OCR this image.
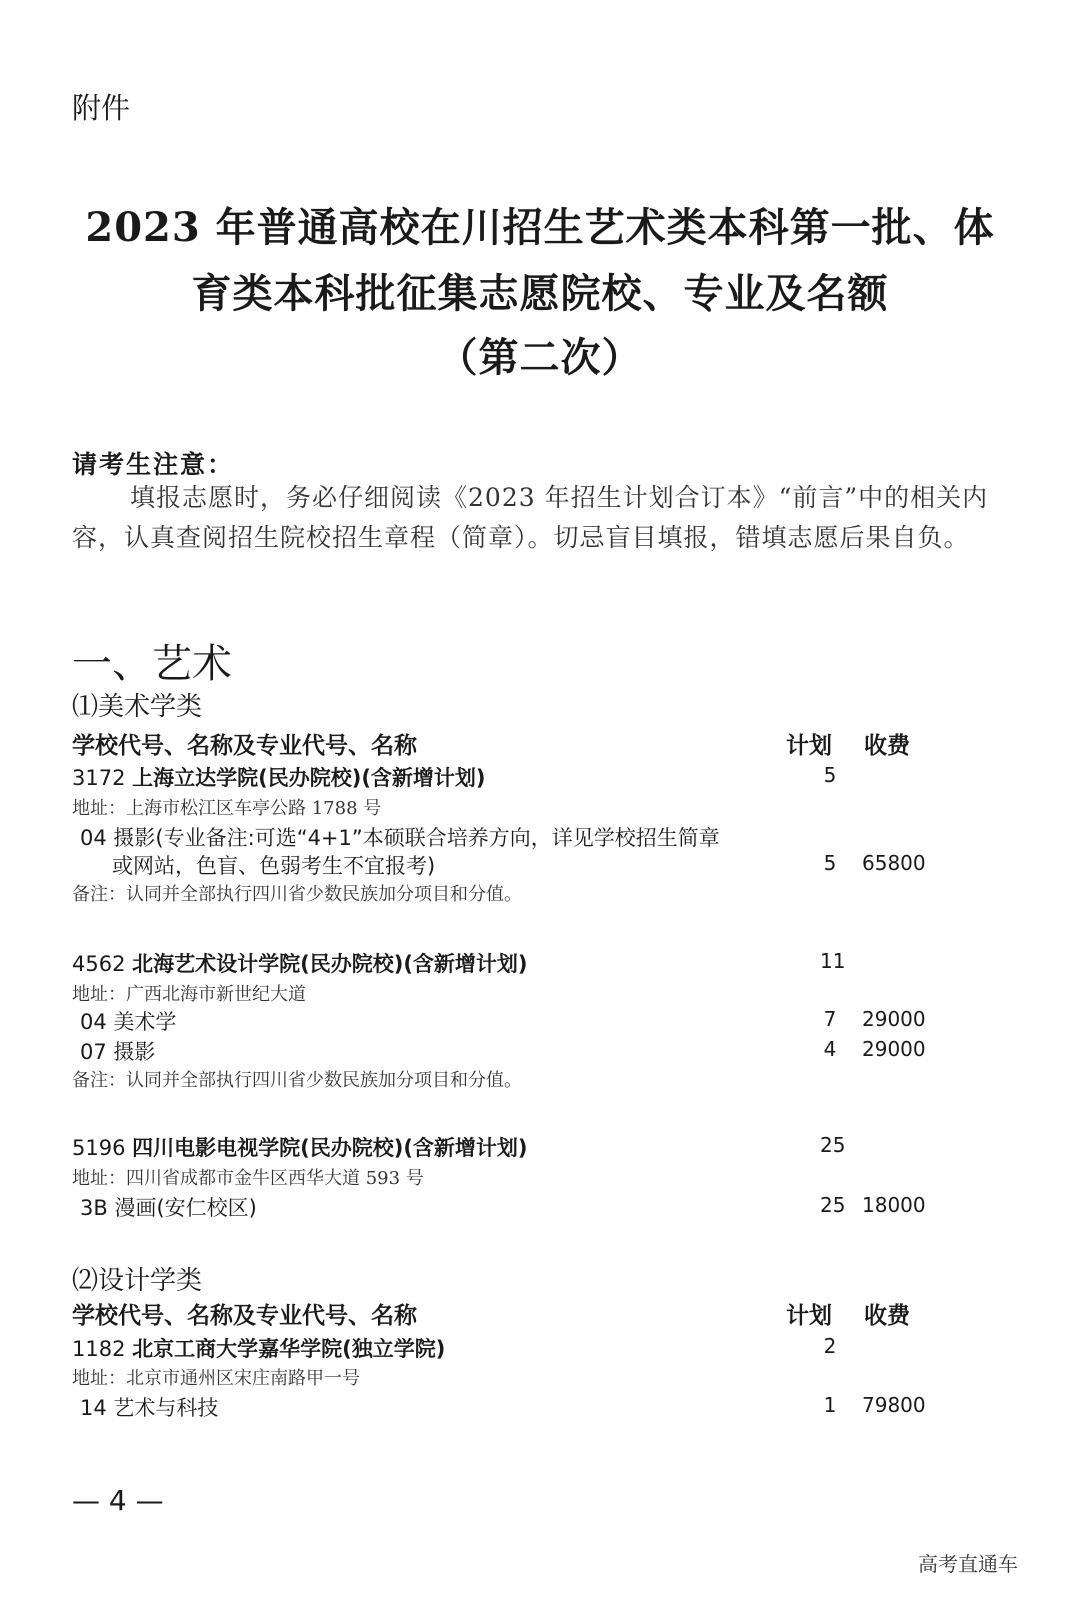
附件
2023 年普通高校在川招生艺术类本科第一批、体
育类本科批征集志愿院校、专业及名额
（第二次）
请考生注意：

填报志愿时，务必仔细阅读《2023 年招生计划合订本》“前言”中的相关内容，认真查阅招生院校招生章程（简章）。切忌盲目填报，错填志愿后果自负。

一、艺术
⑴美术学类
学校代号、名称及专业代号、名称	计划 收费
3172 上海立达学院(民办院校)(含新增计划)	5
地址：上海市松江区车亭公路 1788 号
04 摄影(专业备注:可选“4+1”本硕联合培养方向，详见学校招生简章
或网站，色盲、色弱考生不宜报考)	5 65800
备注：认同并全部执行四川省少数民族加分项目和分值。
4562 北海艺术设计学院(民办院校)(含新增计划)	11
地址：广西北海市新世纪大道
04 美术学	7 29000
07 摄影	4 29000
备注：认同并全部执行四川省少数民族加分项目和分值。
5196 四川电影电视学院(民办院校)(含新增计划)	25
地址：四川省成都市金牛区西华大道 593 号
3B 漫画(安仁校区)	25 18000
⑵设计学类
学校代号、名称及专业代号、名称	计划 收费
1182 北京工商大学嘉华学院(独立学院)	2
地址：北京市通州区宋庄南路甲一号
14 艺术与科技	1 79800
— 4 —
高考直通车
